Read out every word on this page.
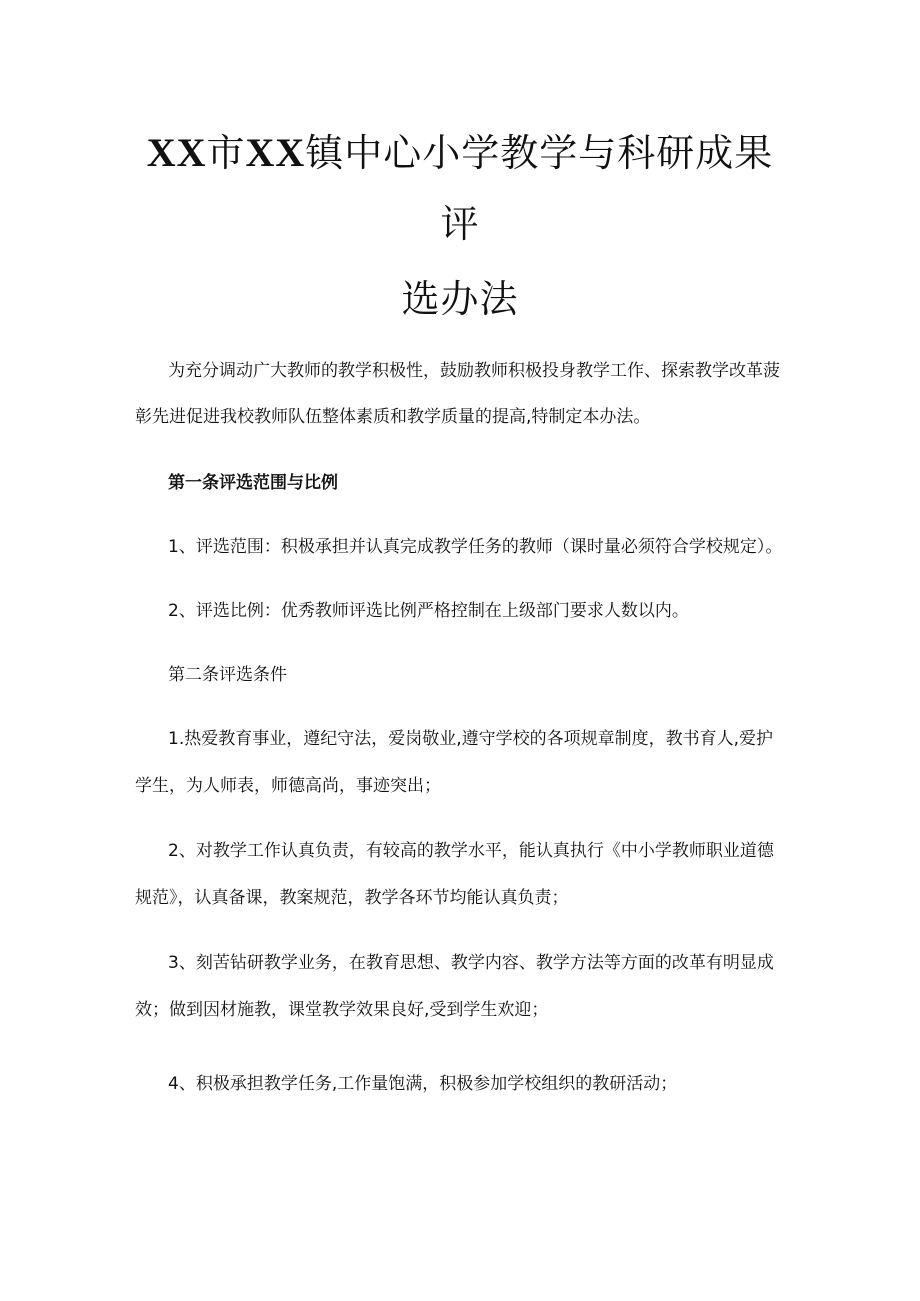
XX市XX镇中心小学教学与科研成果
评
选办法
为充分调动广大教师的教学积极性，鼓励教师积极投身教学工作、探索教学改革菠
彰先进促进我校教师队伍整体素质和教学质量的提高,特制定本办法。
第一条评选范围与比例
1、评选范围：积极承担并认真完成教学任务的教师（课时量必须符合学校规定）。
2、评选比例：优秀教师评选比例严格控制在上级部门要求人数以内。
第二条评选条件
1.热爱教育事业，遵纪守法，爱岗敬业,遵守学校的各项规章制度，教书育人,爱护
学生，为人师表，师德高尚，事迹突出；
2、对教学工作认真负责，有较高的教学水平，能认真执行《中小学教师职业道德
规范》，认真备课，教案规范，教学各环节均能认真负责；
3、刻苦钻研教学业务，在教育思想、教学内容、教学方法等方面的改革有明显成
效；做到因材施教，课堂教学效果良好,受到学生欢迎；
4、积极承担教学任务,工作量饱满，积极参加学校组织的教研活动；
